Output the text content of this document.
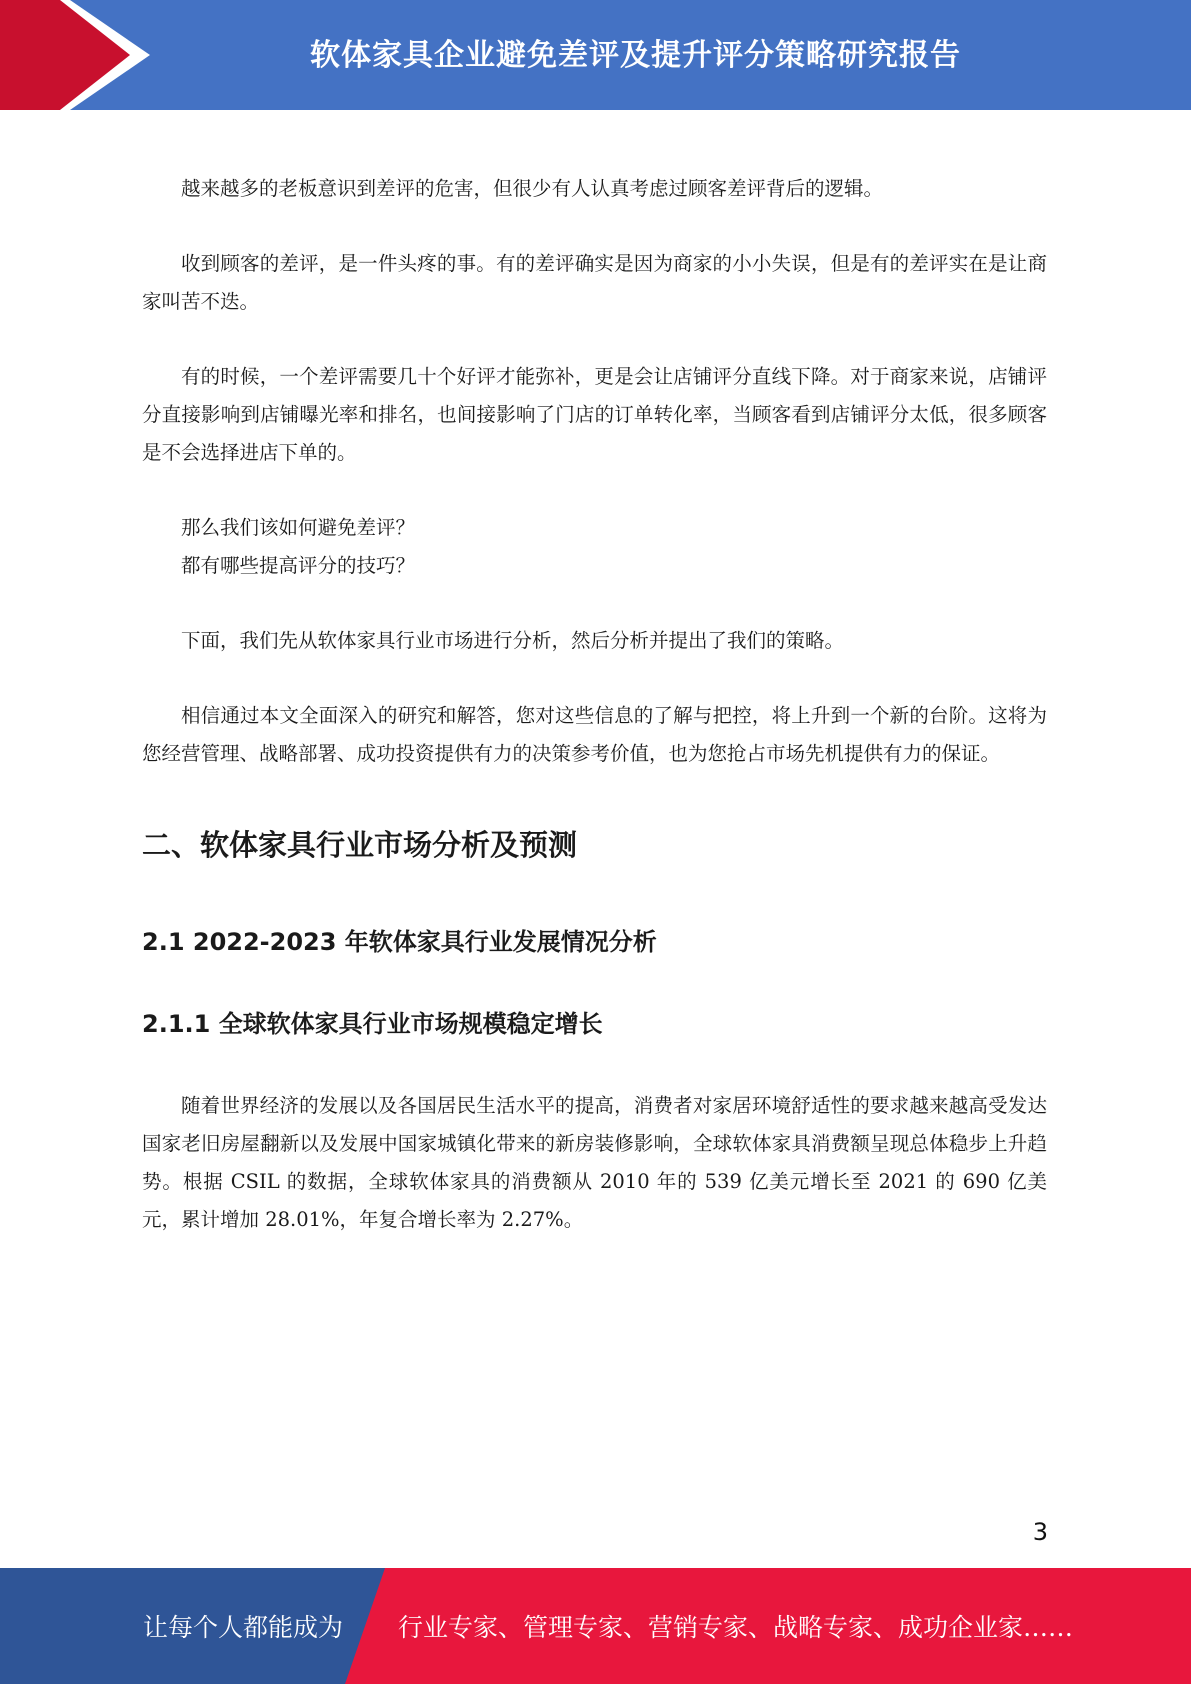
软体家具企业避免差评及提升评分策略研究报告

越来越多的老板意识到差评的危害，但很少有人认真考虑过顾客差评背后的逻辑。

收到顾客的差评，是一件头疼的事。有的差评确实是因为商家的小小失误，但是有的差评实在是让商家叫苦不迭。

有的时候，一个差评需要几十个好评才能弥补，更是会让店铺评分直线下降。对于商家来说，店铺评分直接影响到店铺曝光率和排名，也间接影响了门店的订单转化率，当顾客看到店铺评分太低，很多顾客是不会选择进店下单的。

那么我们该如何避免差评？
都有哪些提高评分的技巧？

下面，我们先从软体家具行业市场进行分析，然后分析并提出了我们的策略。

相信通过本文全面深入的研究和解答，您对这些信息的了解与把控，将上升到一个新的台阶。这将为您经营管理、战略部署、成功投资提供有力的决策参考价值，也为您抢占市场先机提供有力的保证。

二、软体家具行业市场分析及预测
2.1 2022-2023 年软体家具行业发展情况分析
2.1.1 全球软体家具行业市场规模稳定增长

随着世界经济的发展以及各国居民生活水平的提高，消费者对家居环境舒适性的要求越来越高受发达国家老旧房屋翻新以及发展中国家城镇化带来的新房装修影响，全球软体家具消费额呈现总体稳步上升趋势。根据 CSIL 的数据，全球软体家具的消费额从 2010 年的 539 亿美元增长至 2021 的 690 亿美元，累计增加 28.01%，年复合增长率为 2.27%。

3
让每个人都能成为 行业专家、管理专家、营销专家、战略专家、成功企业家……
